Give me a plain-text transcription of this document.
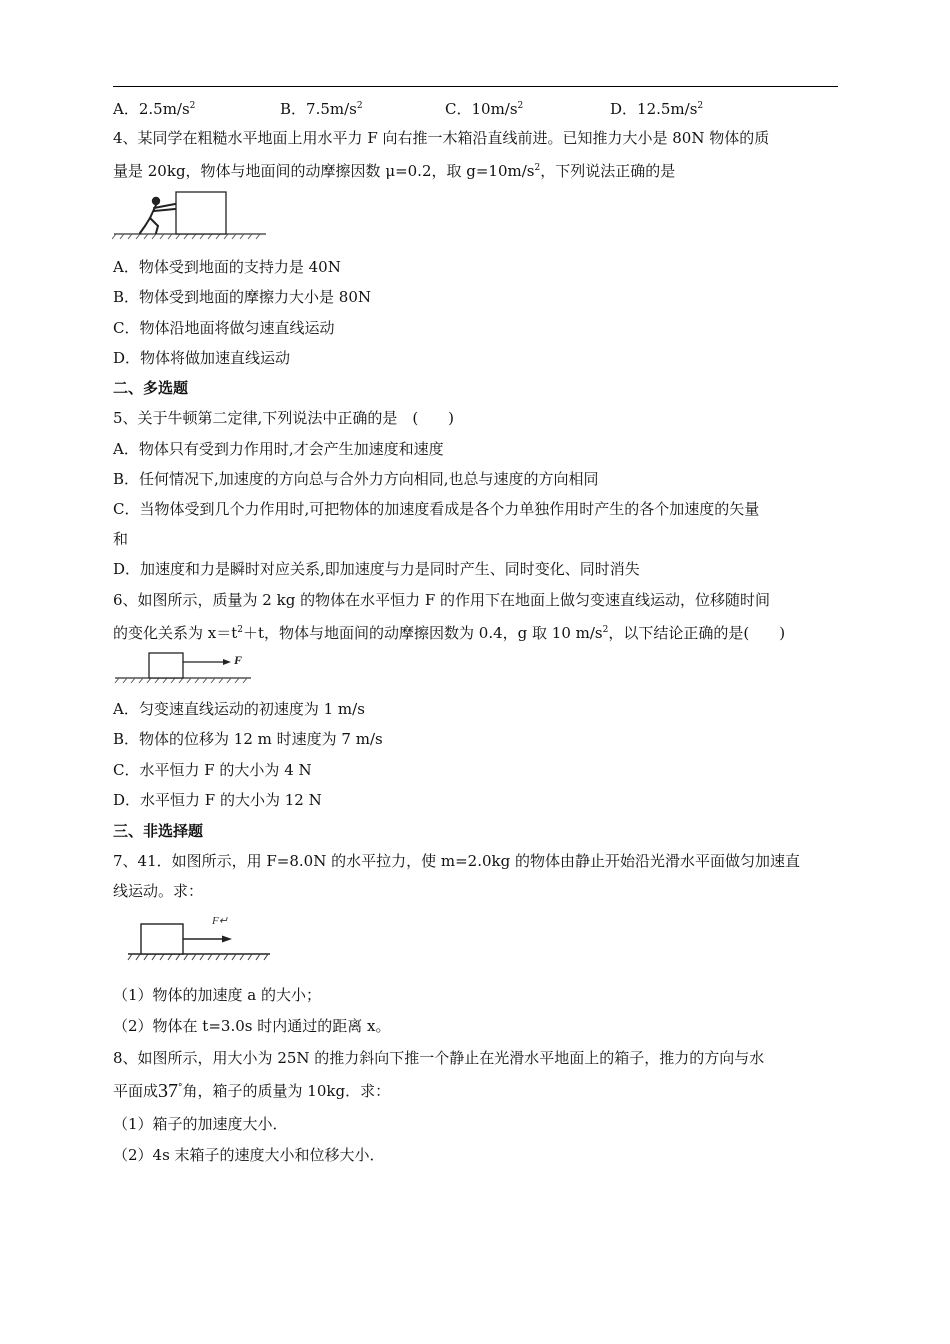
A．$2.5m/s^2$	B．$7.5m/s^2$	C．$10m/s^2$	D．$12.5m/s^2$
4、某同学在粗糙水平地面上用水平力 F 向右推一木箱沿直线前进。已知推力大小是 80N 物体的质
量是 20kg，物体与地面间的动摩擦因数 μ=0.2，取 $g=10m/s^2$，下列说法正确的是
A．物体受到地面的支持力是 40N
B．物体受到地面的摩擦力大小是 80N
C．物体沿地面将做匀速直线运动
D．物体将做加速直线运动
二、多选题
5、关于牛顿第二定律,下列说法中正确的是　(　　)
A．物体只有受到力作用时,才会产生加速度和速度
B．任何情况下,加速度的方向总与合外力方向相同,也总与速度的方向相同
C．当物体受到几个力作用时,可把物体的加速度看成是各个力单独作用时产生的各个加速度的矢量
和
D．加速度和力是瞬时对应关系,即加速度与力是同时产生、同时变化、同时消失
6、如图所示，质量为 2 kg 的物体在水平恒力 F 的作用下在地面上做匀变速直线运动，位移随时间
的变化关系为 $x=t^2+t$，物体与地面间的动摩擦因数为 0.4，g 取 10 $m/s^2$，以下结论正确的是(　　)
F
A．匀变速直线运动的初速度为 1 m/s
B．物体的位移为 12 m 时速度为 7 m/s
C．水平恒力 F 的大小为 4 N
D．水平恒力 F 的大小为 12 N
三、非选择题
7、41．如图所示，用 F=8.0N 的水平拉力，使 m=2.0kg 的物体由静止开始沿光滑水平面做匀加速直
线运动。求：
F↵
（1）物体的加速度 a 的大小；
（2）物体在 t=3.0s 时内通过的距离 x。
8、如图所示，用大小为 25N 的推力斜向下推一个静止在光滑水平地面上的箱子，推力的方向与水
平面成37°角，箱子的质量为 10kg．求：
（1）箱子的加速度大小．
（2）4s 末箱子的速度大小和位移大小．
